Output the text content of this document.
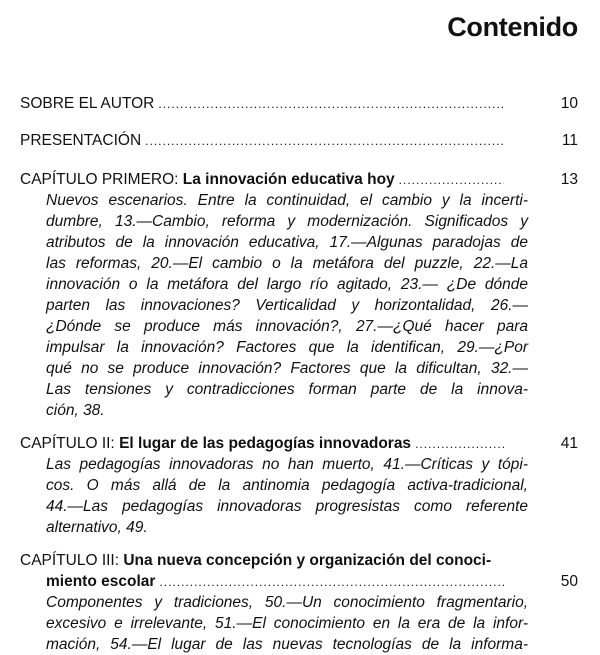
Contenido
SOBRE EL AUTOR .....	10
PRESENTACIÓN .....	11
CAPÍTULO PRIMERO: La innovación educativa hoy .....	13
Nuevos escenarios. Entre la continuidad, el cambio y la incerti-
dumbre, 13.—Cambio, reforma y modernización. Significados y
atributos de la innovación educativa, 17.—Algunas paradojas de
las reformas, 20.—El cambio o la metáfora del puzzle, 22.—La
innovación o la metáfora del largo río agitado, 23.— ¿De dónde
parten las innovaciones? Verticalidad y horizontalidad, 26.—
¿Dónde se produce más innovación?, 27.—¿Qué hacer para
impulsar la innovación? Factores que la identifican, 29.—¿Por
qué no se produce innovación? Factores que la dificultan, 32.—
Las tensiones y contradicciones forman parte de la innova-
ción, 38.
CAPÍTULO II: El lugar de las pedagogías innovadoras .....	41
Las pedagogías innovadoras no han muerto, 41.—Críticas y tópi-
cos. O más allá de la antinomia pedagogía activa-tradicional,
44.—Las pedagogías innovadoras progresistas como referente
alternativo, 49.
CAPÍTULO III: Una nueva concepción y organización del conoci-
miento escolar .....	50
Componentes y tradiciones, 50.—Un conocimiento fragmentario,
excesivo e irrelevante, 51.—El conocimiento en la era de la infor-
mación, 54.—El lugar de las nuevas tecnologías de la informa-
